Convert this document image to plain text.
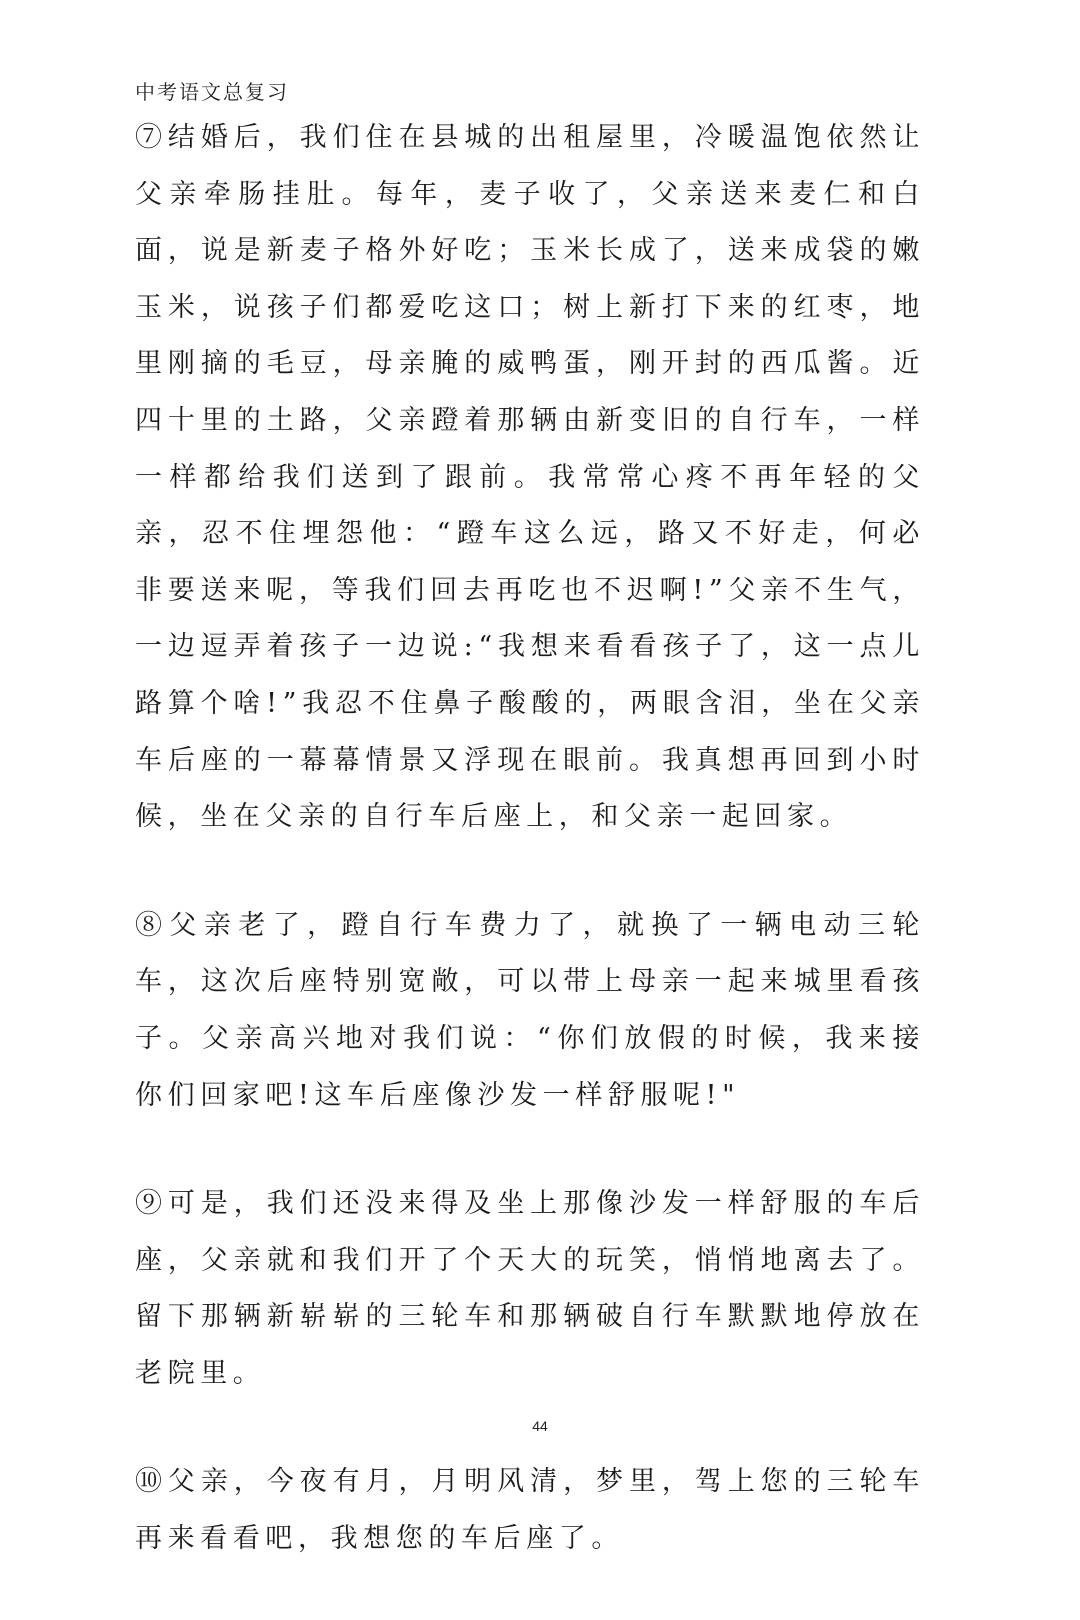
中考语文总复习

⑦结婚后，我们住在县城的出租屋里，冷暖温饱依然让父亲牵肠挂肚。每年，麦子收了，父亲送来麦仁和白面，说是新麦子格外好吃；玉米长成了，送来成袋的嫩玉米，说孩子们都爱吃这口；树上新打下来的红枣，地里刚摘的毛豆，母亲腌的威鸭蛋，刚开封的西瓜酱。近四十里的土路，父亲蹬着那辆由新变旧的自行车，一样一样都给我们送到了跟前。我常常心疼不再年轻的父亲，忍不住埋怨他：“蹬车这么远，路又不好走，何必非要送来呢，等我们回去再吃也不迟啊!”父亲不生气，一边逗弄着孩子一边说:“我想来看看孩子了，这一点儿路算个啥!”我忍不住鼻子酸酸的，两眼含泪，坐在父亲车后座的一幕幕情景又浮现在眼前。我真想再回到小时候，坐在父亲的自行车后座上，和父亲一起回家。

⑧父亲老了，蹬自行车费力了，就换了一辆电动三轮车，这次后座特别宽敞，可以带上母亲一起来城里看孩子。父亲高兴地对我们说：“你们放假的时候，我来接你们回家吧!这车后座像沙发一样舒服呢!"

⑨可是，我们还没来得及坐上那像沙发一样舒服的车后座，父亲就和我们开了个天大的玩笑，悄悄地离去了。留下那辆新崭崭的三轮车和那辆破自行车默默地停放在老院里。

⑩父亲，今夜有月，月明风清，梦里，驾上您的三轮车再来看看吧，我想您的车后座了。

44
